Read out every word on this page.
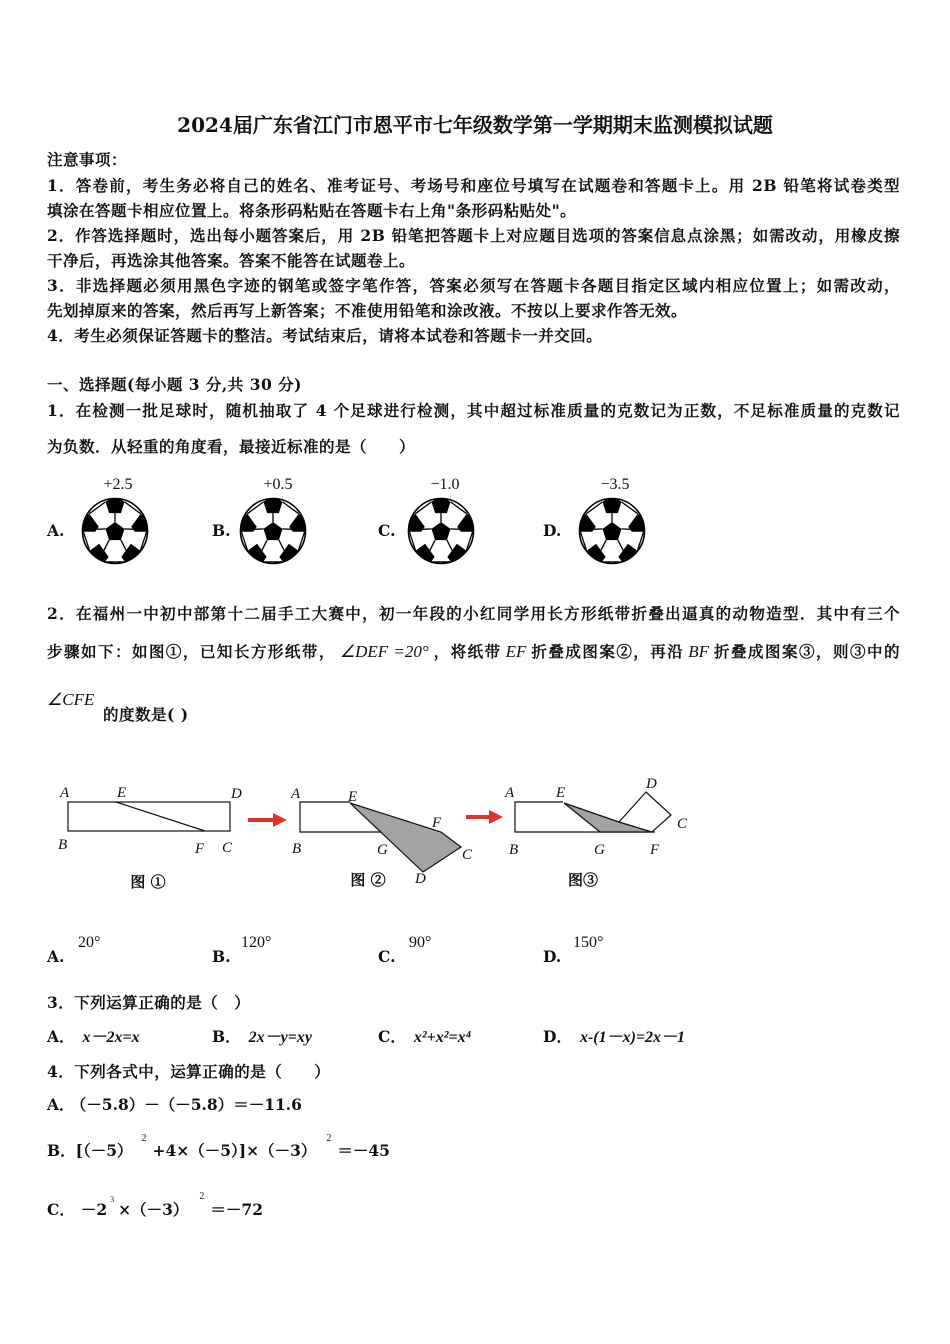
2024届广东省江门市恩平市七年级数学第一学期期末监测模拟试题
注意事项：
1．答卷前，考生务必将自己的姓名、准考证号、考场号和座位号填写在试题卷和答题卡上。用 2B 铅笔将试卷类型
填涂在答题卡相应位置上。将条形码粘贴在答题卡右上角"条形码粘贴处"。
2．作答选择题时，选出每小题答案后，用 2B 铅笔把答题卡上对应题目选项的答案信息点涂黑；如需改动，用橡皮擦
干净后，再选涂其他答案。答案不能答在试题卷上。
3．非选择题必须用黑色字迹的钢笔或签字笔作答，答案必须写在答题卡各题目指定区域内相应位置上；如需改动，
先划掉原来的答案，然后再写上新答案；不准使用铅笔和涂改液。不按以上要求作答无效。
4．考生必须保证答题卡的整洁。考试结束后，请将本试卷和答题卡一并交回。
一、选择题(每小题 3 分,共 30 分)
1．在检测一批足球时，随机抽取了 4 个足球进行检测，其中超过标准质量的克数记为正数，不足标准质量的克数记
为负数．从轻重的角度看，最接近标准的是（　　）
+2.5	+0.5	−1.0	−3.5
A.	B.	C.	D.
2．在福州一中初中部第十二届手工大赛中，初一年段的小红同学用长方形纸带折叠出逼真的动物造型．其中有三个
步骤如下：如图①，已知长方形纸带， ∠DEF =20° ，将纸带 EF 折叠成图案②，再沿 BF 折叠成图案③，则③中的
∠CFE
的度数是( )
A	E	D
B	F C
图 ①
A	E
F
B	G	C
D
图 ②
A	E
D
C
B	G	F
图③
20°	120°	90°	150°
A.	B.	C.	D.
3．下列运算正确的是（　）
A． x－2x=x	B． 2x－y=xy	C． x²+x²=x⁴	D． x-(1－x)=2x－1
4．下列各式中，运算正确的是（　　）
A． （－5.8）－（－5.8）＝－11.6
B．$[(-5)^2+4\times(-5)]\times(-3)^2=-45$
C． $-2^3\times(-3)^2=-72$
